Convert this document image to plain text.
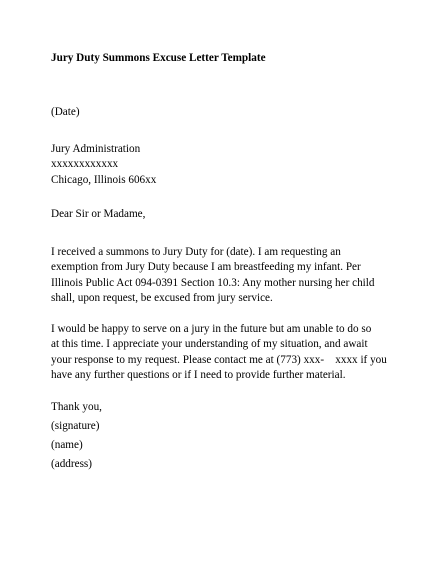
Jury Duty Summons Excuse Letter Template
(Date)
Jury Administration
xxxxxxxxxxxx
Chicago, Illinois 606xx
Dear Sir or Madame,
I received a summons to Jury Duty for (date). I am requesting an
exemption from Jury Duty because I am breastfeeding my infant. Per
Illinois Public Act 094-0391 Section 10.3: Any mother nursing her child
shall, upon request, be excused from jury service.
I would be happy to serve on a jury in the future but am unable to do so
at this time. I appreciate your understanding of my situation, and await
your response to my request. Please contact me at (773) xxx-    xxxx if you
have any further questions or if I need to provide further material.
Thank you,
(signature)
(name)
(address)
